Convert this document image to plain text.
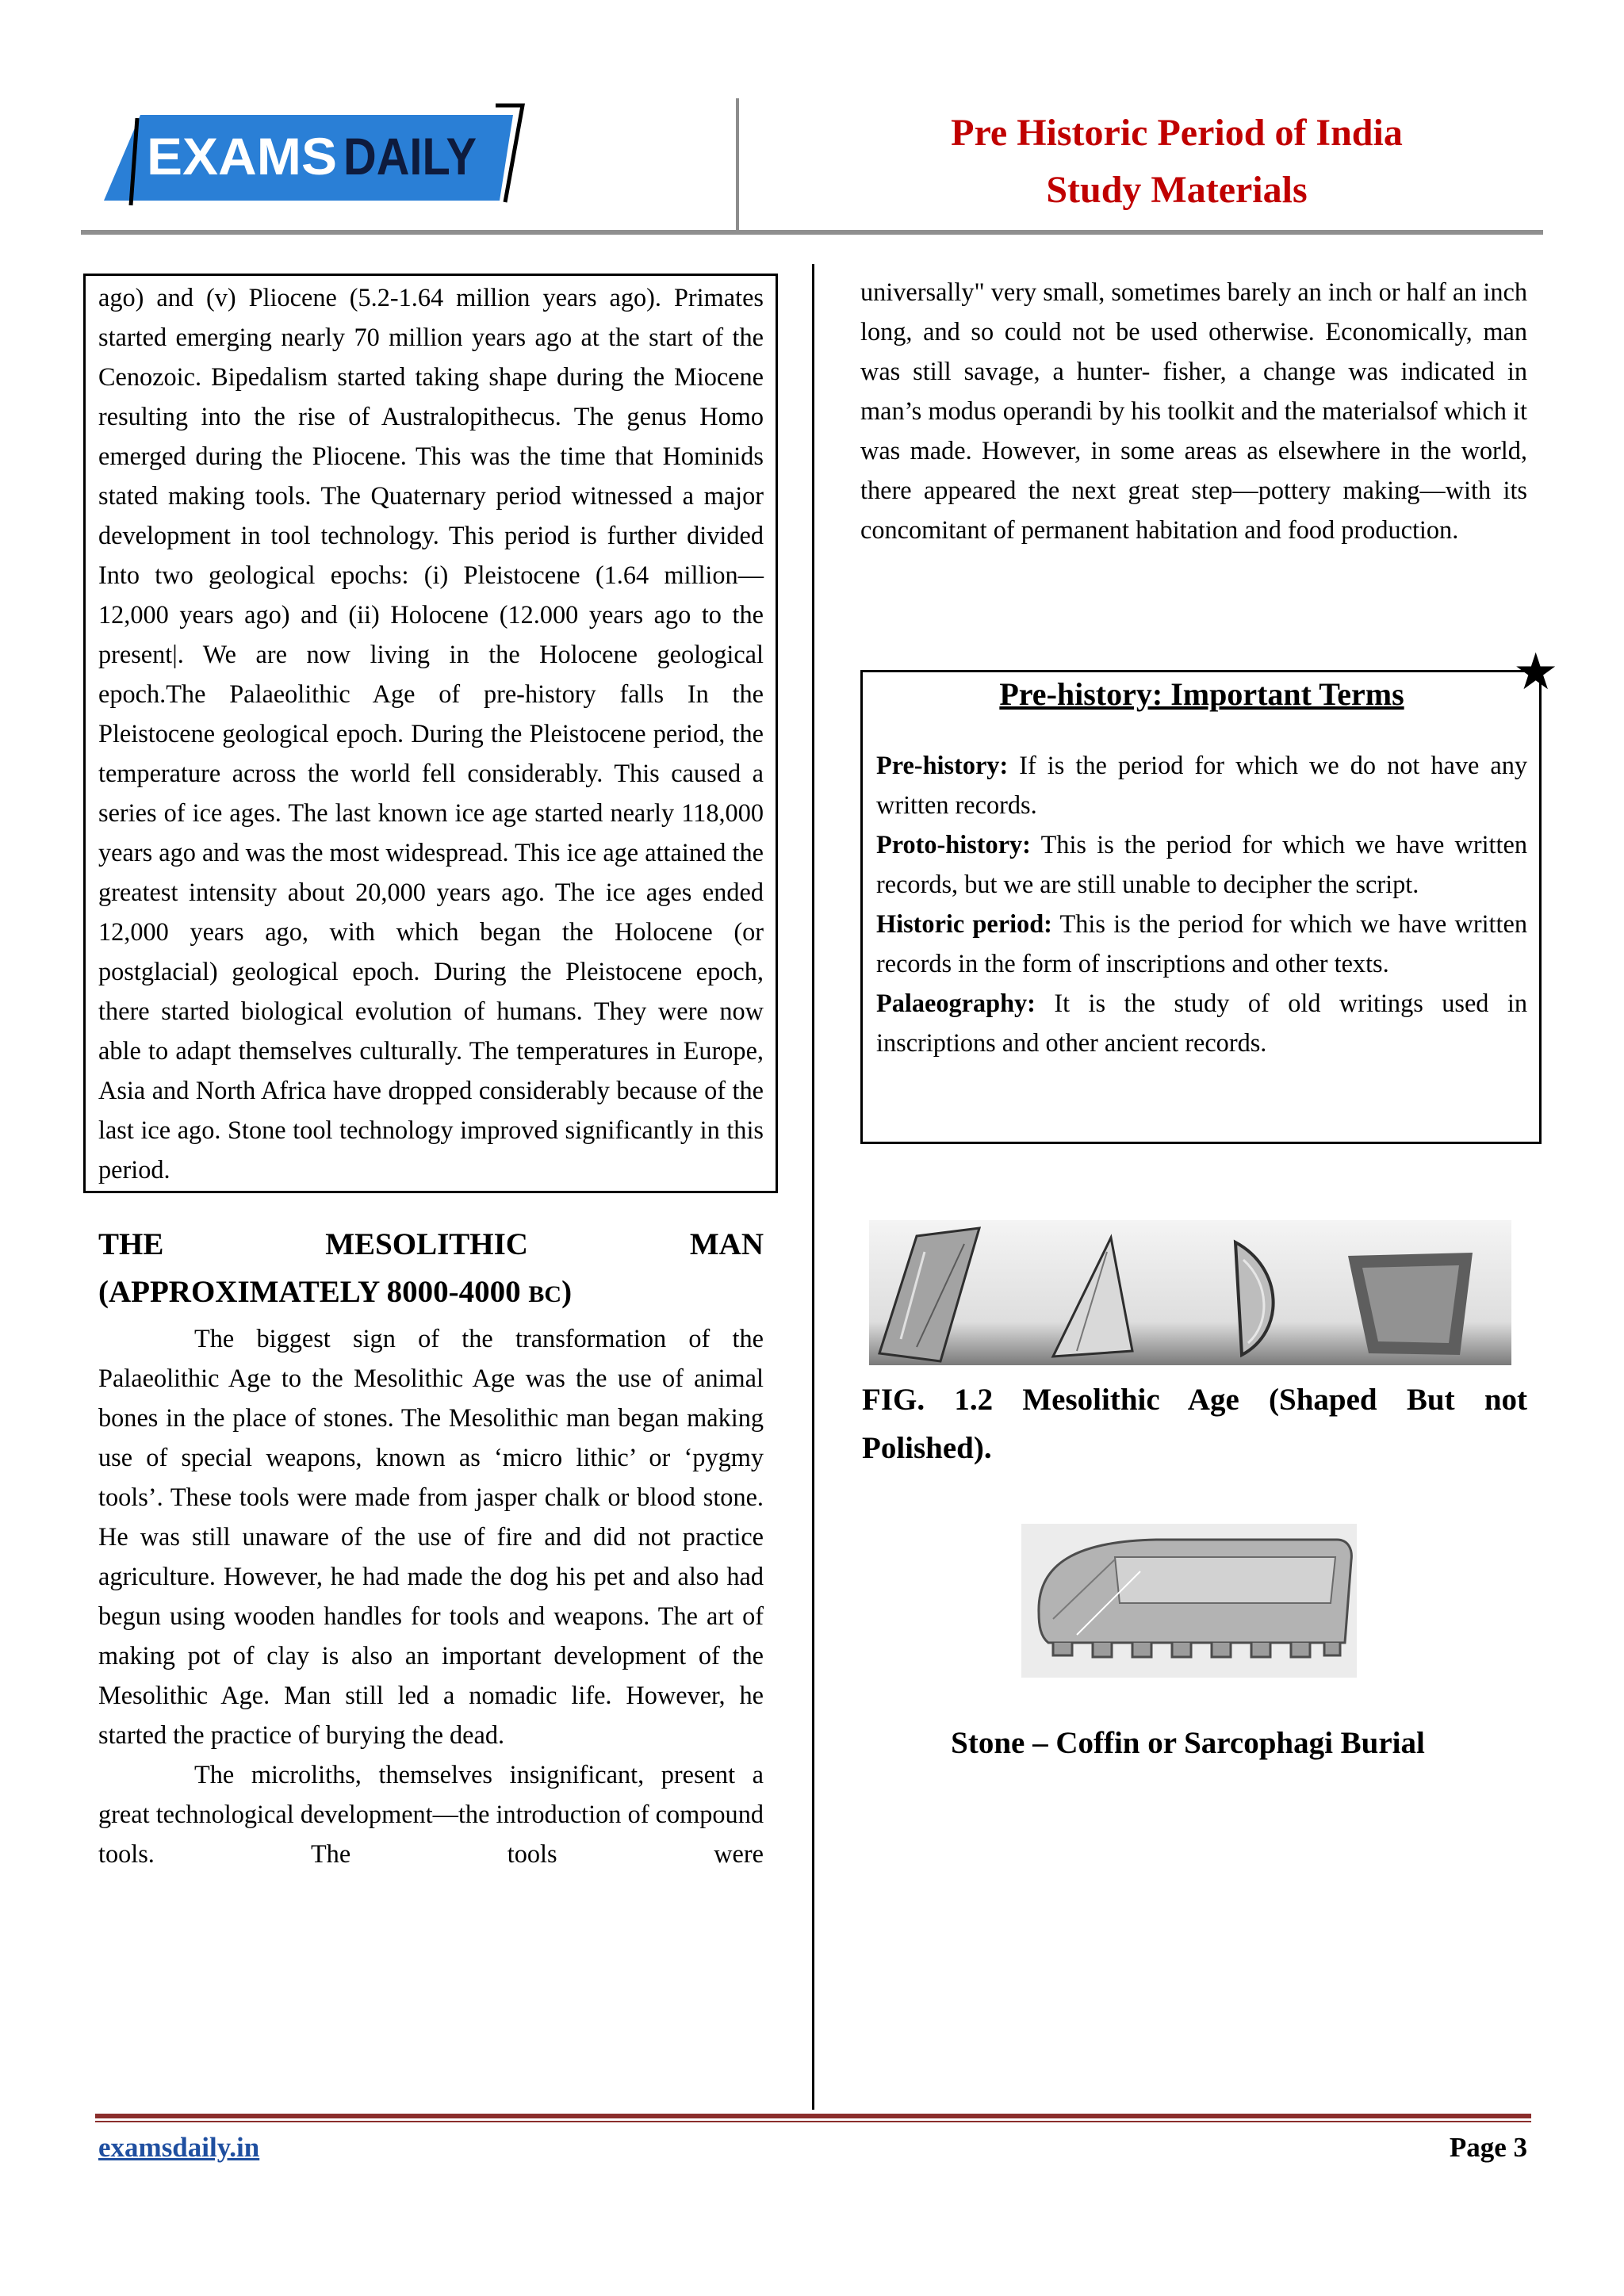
EXAMS DAILY	Pre Historic Period of India
Study Materials
ago) and (v) Pliocene (5.2-1.64 million years ago). Primates started emerging nearly 70 million years ago at the start of the Cenozoic. Bipedalism started taking shape during the Miocene resulting into the rise of Australopithecus. The genus Homo emerged during the Pliocene. This was the time that Hominids stated making tools. The Quaternary period witnessed a major development in tool technology. This period is further divided Into two geological epochs: (i) Pleistocene (1.64 million—12,000 years ago) and (ii) Holocene (12.000 years ago to the present|. We are now living in the Holocene geological epoch.The Palaeolithic Age of pre-history falls In the Pleistocene geological epoch. During the Pleistocene period, the temperature across the world fell considerably. This caused a series of ice ages. The last known ice age started nearly 118,000 years ago and was the most widespread. This ice age attained the greatest intensity about 20,000 years ago. The ice ages ended 12,000 years ago, with which began the Holocene (or postglacial) geological epoch. During the Pleistocene epoch, there started biological evolution of humans. They were now able to adapt themselves culturally. The temperatures in Europe, Asia and North Africa have dropped considerably because of the last ice ago. Stone tool technology improved significantly in this period.
THE MESOLITHIC MAN
(APPROXIMATELY 8000-4000 BC)
The biggest sign of the transformation of the Palaeolithic Age to the Mesolithic Age was the use of animal bones in the place of stones. The Mesolithic man began making use of special weapons, known as ‘micro lithic’ or ‘pygmy tools’. These tools were made from jasper chalk or blood stone. He was still unaware of the use of fire and did not practice agriculture. However, he had made the dog his pet and also had begun using wooden handles for tools and weapons. The art of making pot of clay is also an important development of the Mesolithic Age. Man still led a nomadic life. However, he started the practice of burying the dead.
The microliths, themselves insignificant, present a great technological development—the introduction of compound tools. The tools were
universally" very small, sometimes barely an inch or half an inch long, and so could not be used otherwise. Economically, man was still savage, a hunter- fisher, a change was indicated in man’s modus operandi by his toolkit and the materialsof which it was made. However, in some areas as elsewhere in the world, there appeared the next great step—pottery making—with its concomitant of permanent habitation and food production.
Pre-history: Important Terms
Pre-history: If is the period for which we do not have any written records.
Proto-history: This is the period for which we have written records, but we are still unable to decipher the script.
Historic period: This is the period for which we have written records in the form of inscriptions and other texts.
Palaeography: It is the study of old writings used in inscriptions and other ancient records.
★
FIG. 1.2 Mesolithic Age (Shaped But not
Polished).
Stone – Coffin or Sarcophagi Burial
examsdaily.in	Page 3
